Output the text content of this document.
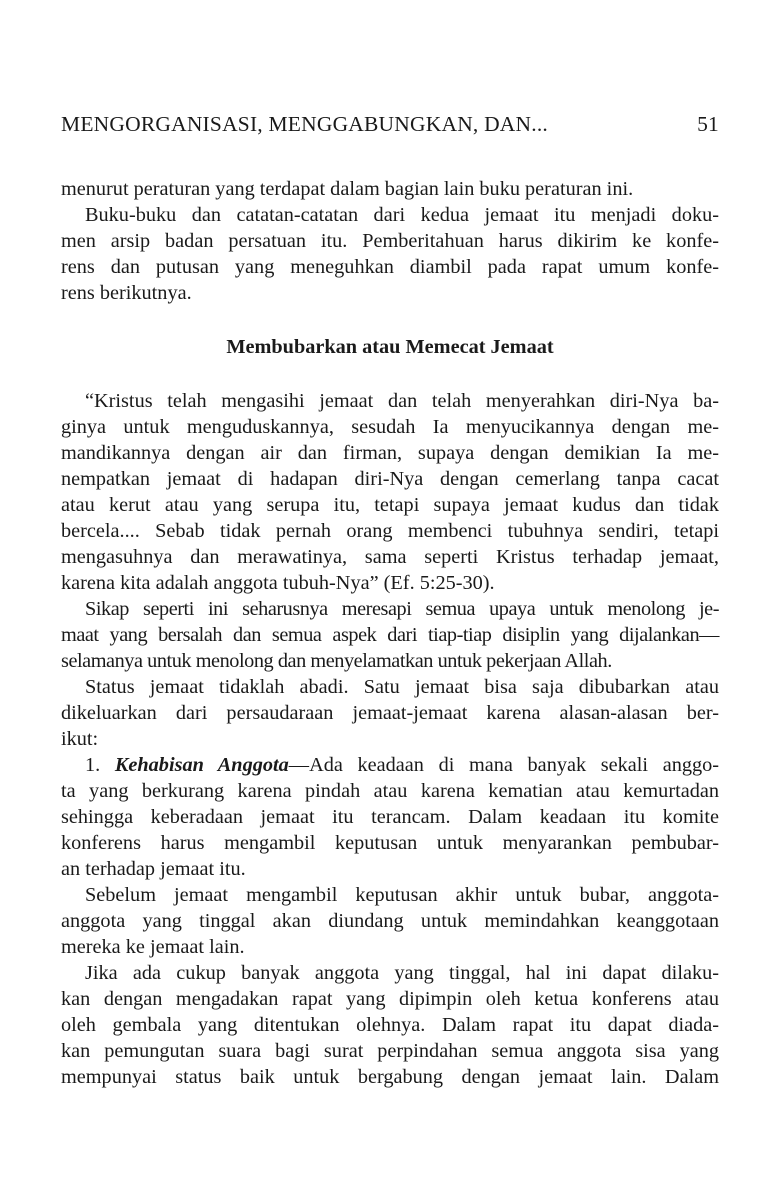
MENGORGANISASI, MENGGABUNGKAN, DAN...	51
menurut peraturan yang terdapat dalam bagian lain buku peraturan ini.
Buku-buku dan catatan-catatan dari kedua jemaat itu menjadi doku-
men arsip badan persatuan itu. Pemberitahuan harus dikirim ke konfe-
rens dan putusan yang meneguhkan diambil pada rapat umum konfe-
rens berikutnya.
Membubarkan atau Memecat Jemaat
“Kristus telah mengasihi jemaat dan telah menyerahkan diri-Nya ba-
ginya untuk menguduskannya, sesudah Ia menyucikannya dengan me-
mandikannya dengan air dan firman, supaya dengan demikian Ia me-
nempatkan jemaat di hadapan diri-Nya dengan cemerlang tanpa cacat
atau kerut atau yang serupa itu, tetapi supaya jemaat kudus dan tidak
bercela.... Sebab tidak pernah orang membenci tubuhnya sendiri, tetapi
mengasuhnya dan merawatinya, sama seperti Kristus terhadap jemaat,
karena kita adalah anggota tubuh-Nya” (Ef. 5:25-30).
Sikap seperti ini seharusnya meresapi semua upaya untuk menolong je-
maat yang bersalah dan semua aspek dari tiap-tiap disiplin yang dijalankan—
selamanya untuk menolong dan menyelamatkan untuk pekerjaan Allah.
Status jemaat tidaklah abadi. Satu jemaat bisa saja dibubarkan atau
dikeluarkan dari persaudaraan jemaat-jemaat karena alasan-alasan ber-
ikut:
1. Kehabisan Anggota—Ada keadaan di mana banyak sekali anggo-
ta yang berkurang karena pindah atau karena kematian atau kemurtadan
sehingga keberadaan jemaat itu terancam. Dalam keadaan itu komite
konferens harus mengambil keputusan untuk menyarankan pembubar-
an terhadap jemaat itu.
Sebelum jemaat mengambil keputusan akhir untuk bubar, anggota-
anggota yang tinggal akan diundang untuk memindahkan keanggotaan
mereka ke jemaat lain.
Jika ada cukup banyak anggota yang tinggal, hal ini dapat dilaku-
kan dengan mengadakan rapat yang dipimpin oleh ketua konferens atau
oleh gembala yang ditentukan olehnya. Dalam rapat itu dapat diada-
kan pemungutan suara bagi surat perpindahan semua anggota sisa yang
mempunyai status baik untuk bergabung dengan jemaat lain. Dalam
